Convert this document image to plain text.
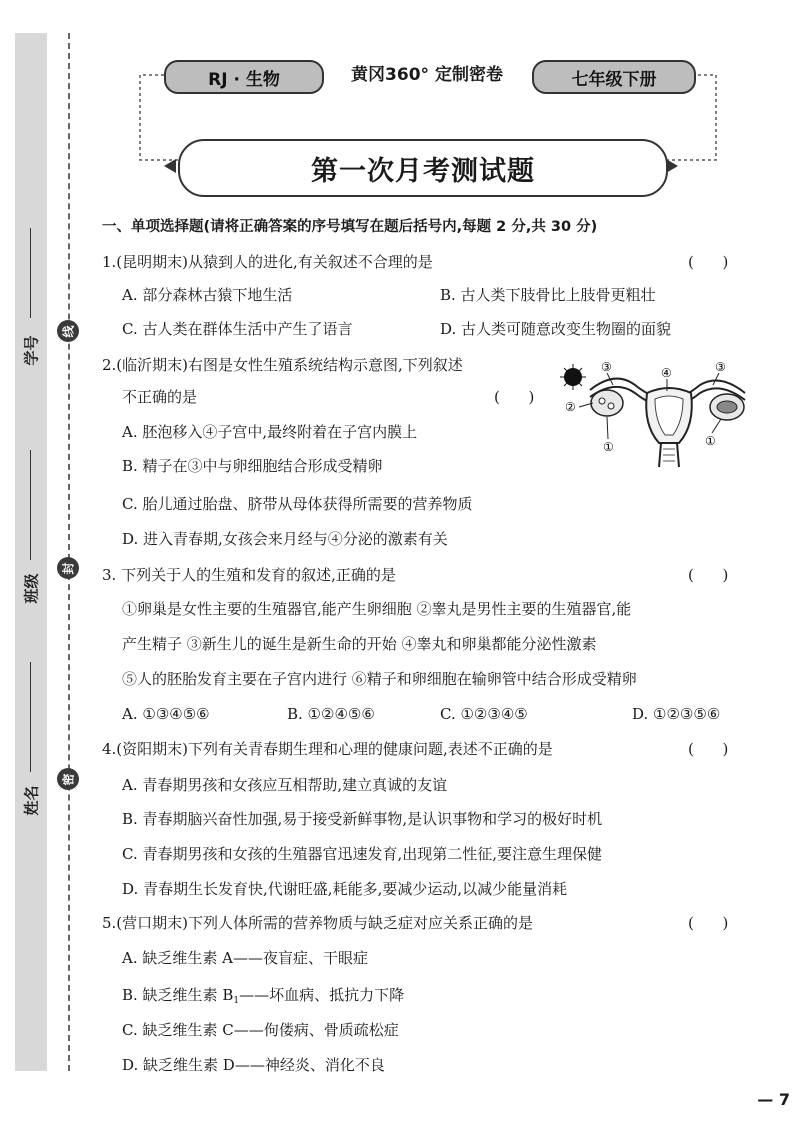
学号
班级
姓名
线
封
密
RJ · 生物	黄冈360° 定制密卷	七年级下册
第一次月考测试题
一、单项选择题(请将正确答案的序号填写在题后括号内,每题 2 分,共 30 分)
1.(昆明期末)从猿到人的进化,有关叙述不合理的是	(      )
A. 部分森林古猿下地生活	B. 古人类下肢骨比上肢骨更粗壮
C. 古人类在群体生活中产生了语言	D. 古人类可随意改变生物圈的面貌
2.(临沂期末)右图是女性生殖系统结构示意图,下列叙述
不正确的是	(      )
A. 胚泡移入④子宫中,最终附着在子宫内膜上
B. 精子在③中与卵细胞结合形成受精卵
C. 胎儿通过胎盘、脐带从母体获得所需要的营养物质
D. 进入青春期,女孩会来月经与④分泌的激素有关
3. 下列关于人的生殖和发育的叙述,正确的是	(      )
①卵巢是女性主要的生殖器官,能产生卵细胞 ②睾丸是男性主要的生殖器官,能
产生精子 ③新生儿的诞生是新生命的开始 ④睾丸和卵巢都能分泌性激素
⑤人的胚胎发育主要在子宫内进行 ⑥精子和卵细胞在输卵管中结合形成受精卵
A. ①③④⑤⑥	B. ①②④⑤⑥	C. ①②③④⑤	D. ①②③⑤⑥
4.(资阳期末)下列有关青春期生理和心理的健康问题,表述不正确的是	(      )
A. 青春期男孩和女孩应互相帮助,建立真诚的友谊
B. 青春期脑兴奋性加强,易于接受新鲜事物,是认识事物和学习的极好时机
C. 青春期男孩和女孩的生殖器官迅速发育,出现第二性征,要注意生理保健
D. 青春期生长发育快,代谢旺盛,耗能多,要减少运动,以减少能量消耗
5.(营口期末)下列人体所需的营养物质与缺乏症对应关系正确的是	(      )
A. 缺乏维生素 A——夜盲症、干眼症
B. 缺乏维生素 $B_1——$坏血病、抵抗力下降
C. 缺乏维生素 C——佝偻病、骨质疏松症
D. 缺乏维生素 D——神经炎、消化不良
③
②
①
④	③
①
— 7
